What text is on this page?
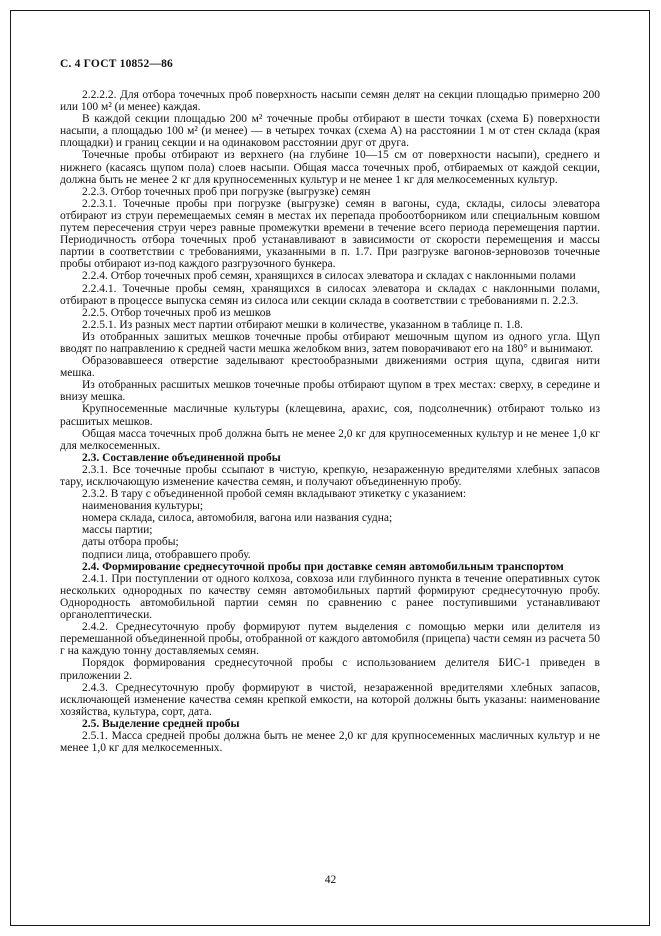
С. 4 ГОСТ 10852—86

2.2.2.2. Для отбора точечных проб поверхность насыпи семян делят на секции площадью примерно 200 или 100 м² (и менее) каждая.

В каждой секции площадью 200 м² точечные пробы отбирают в шести точках (схема Б) поверхности насыпи, а площадью 100 м² (и менее) — в четырех точках (схема А) на расстоянии 1 м от стен склада (края площадки) и границ секции и на одинаковом расстоянии друг от друга.

Точечные пробы отбирают из верхнего (на глубине 10—15 см от поверхности насыпи), среднего и нижнего (касаясь щупом пола) слоев насыпи. Общая масса точечных проб, отбираемых от каждой секции, должна быть не менее 2 кг для крупносеменных культур и не менее 1 кг для мелкосеменных культур.

2.2.3. Отбор точечных проб при погрузке (выгрузке) семян

2.2.3.1. Точечные пробы при погрузке (выгрузке) семян в вагоны, суда, склады, силосы элеватора отбирают из струи перемещаемых семян в местах их перепада пробоотборником или специальным ковшом путем пересечения струи через равные промежутки времени в течение всего периода перемещения партии. Периодичность отбора точечных проб устанавливают в зависимости от скорости перемещения и массы партии в соответствии с требованиями, указанными в п. 1.7. При разгрузке вагонов-зерновозов точечные пробы отбирают из-под каждого разгрузочного бункера.

2.2.4. Отбор точечных проб семян, хранящихся в силосах элеватора и складах с наклонными полами

2.2.4.1. Точечные пробы семян, хранящихся в силосах элеватора и складах с наклонными полами, отбирают в процессе выпуска семян из силоса или секции склада в соответствии с требованиями п. 2.2.3.

2.2.5. Отбор точечных проб из мешков

2.2.5.1. Из разных мест партии отбирают мешки в количестве, указанном в таблице п. 1.8.

Из отобранных зашитых мешков точечные пробы отбирают мешочным щупом из одного угла. Щуп вводят по направлению к средней части мешка желобком вниз, затем поворачивают его на 180° и вынимают.

Образовавшееся отверстие заделывают крестообразными движениями острия щупа, сдвигая нити мешка.

Из отобранных расшитых мешков точечные пробы отбирают щупом в трех местах: сверху, в середине и внизу мешка.

Крупносеменные масличные культуры (клещевина, арахис, соя, подсолнечник) отбирают только из расшитых мешков.

Общая масса точечных проб должна быть не менее 2,0 кг для крупносеменных культур и не менее 1,0 кг для мелкосеменных.

2.3. Составление объединенной пробы

2.3.1. Все точечные пробы ссыпают в чистую, крепкую, незараженную вредителями хлебных запасов тару, исключающую изменение качества семян, и получают объединенную пробу.

2.3.2. В тару с объединенной пробой семян вкладывают этикетку с указанием:

наименования культуры;

номера склада, силоса, автомобиля, вагона или названия судна;

массы партии;

даты отбора пробы;

подписи лица, отобравшего пробу.

2.4. Формирование среднесуточной пробы при доставке семян автомобильным транспортом

2.4.1. При поступлении от одного колхоза, совхоза или глубинного пункта в течение оперативных суток нескольких однородных по качеству семян автомобильных партий формируют среднесуточную пробу. Однородность автомобильной партии семян по сравнению с ранее поступившими устанавливают органолептически.

2.4.2. Среднесуточную пробу формируют путем выделения с помощью мерки или делителя из перемешанной объединенной пробы, отобранной от каждого автомобиля (прицепа) части семян из расчета 50 г на каждую тонну доставляемых семян.

Порядок формирования среднесуточной пробы с использованием делителя БИС-1 приведен в приложении 2.

2.4.3. Среднесуточную пробу формируют в чистой, незараженной вредителями хлебных запасов, исключающей изменение качества семян крепкой емкости, на которой должны быть указаны: наименование хозяйства, культура, сорт, дата.

2.5. Выделение средней пробы

2.5.1. Масса средней пробы должна быть не менее 2,0 кг для крупносеменных масличных культур и не менее 1,0 кг для мелкосеменных.

42
